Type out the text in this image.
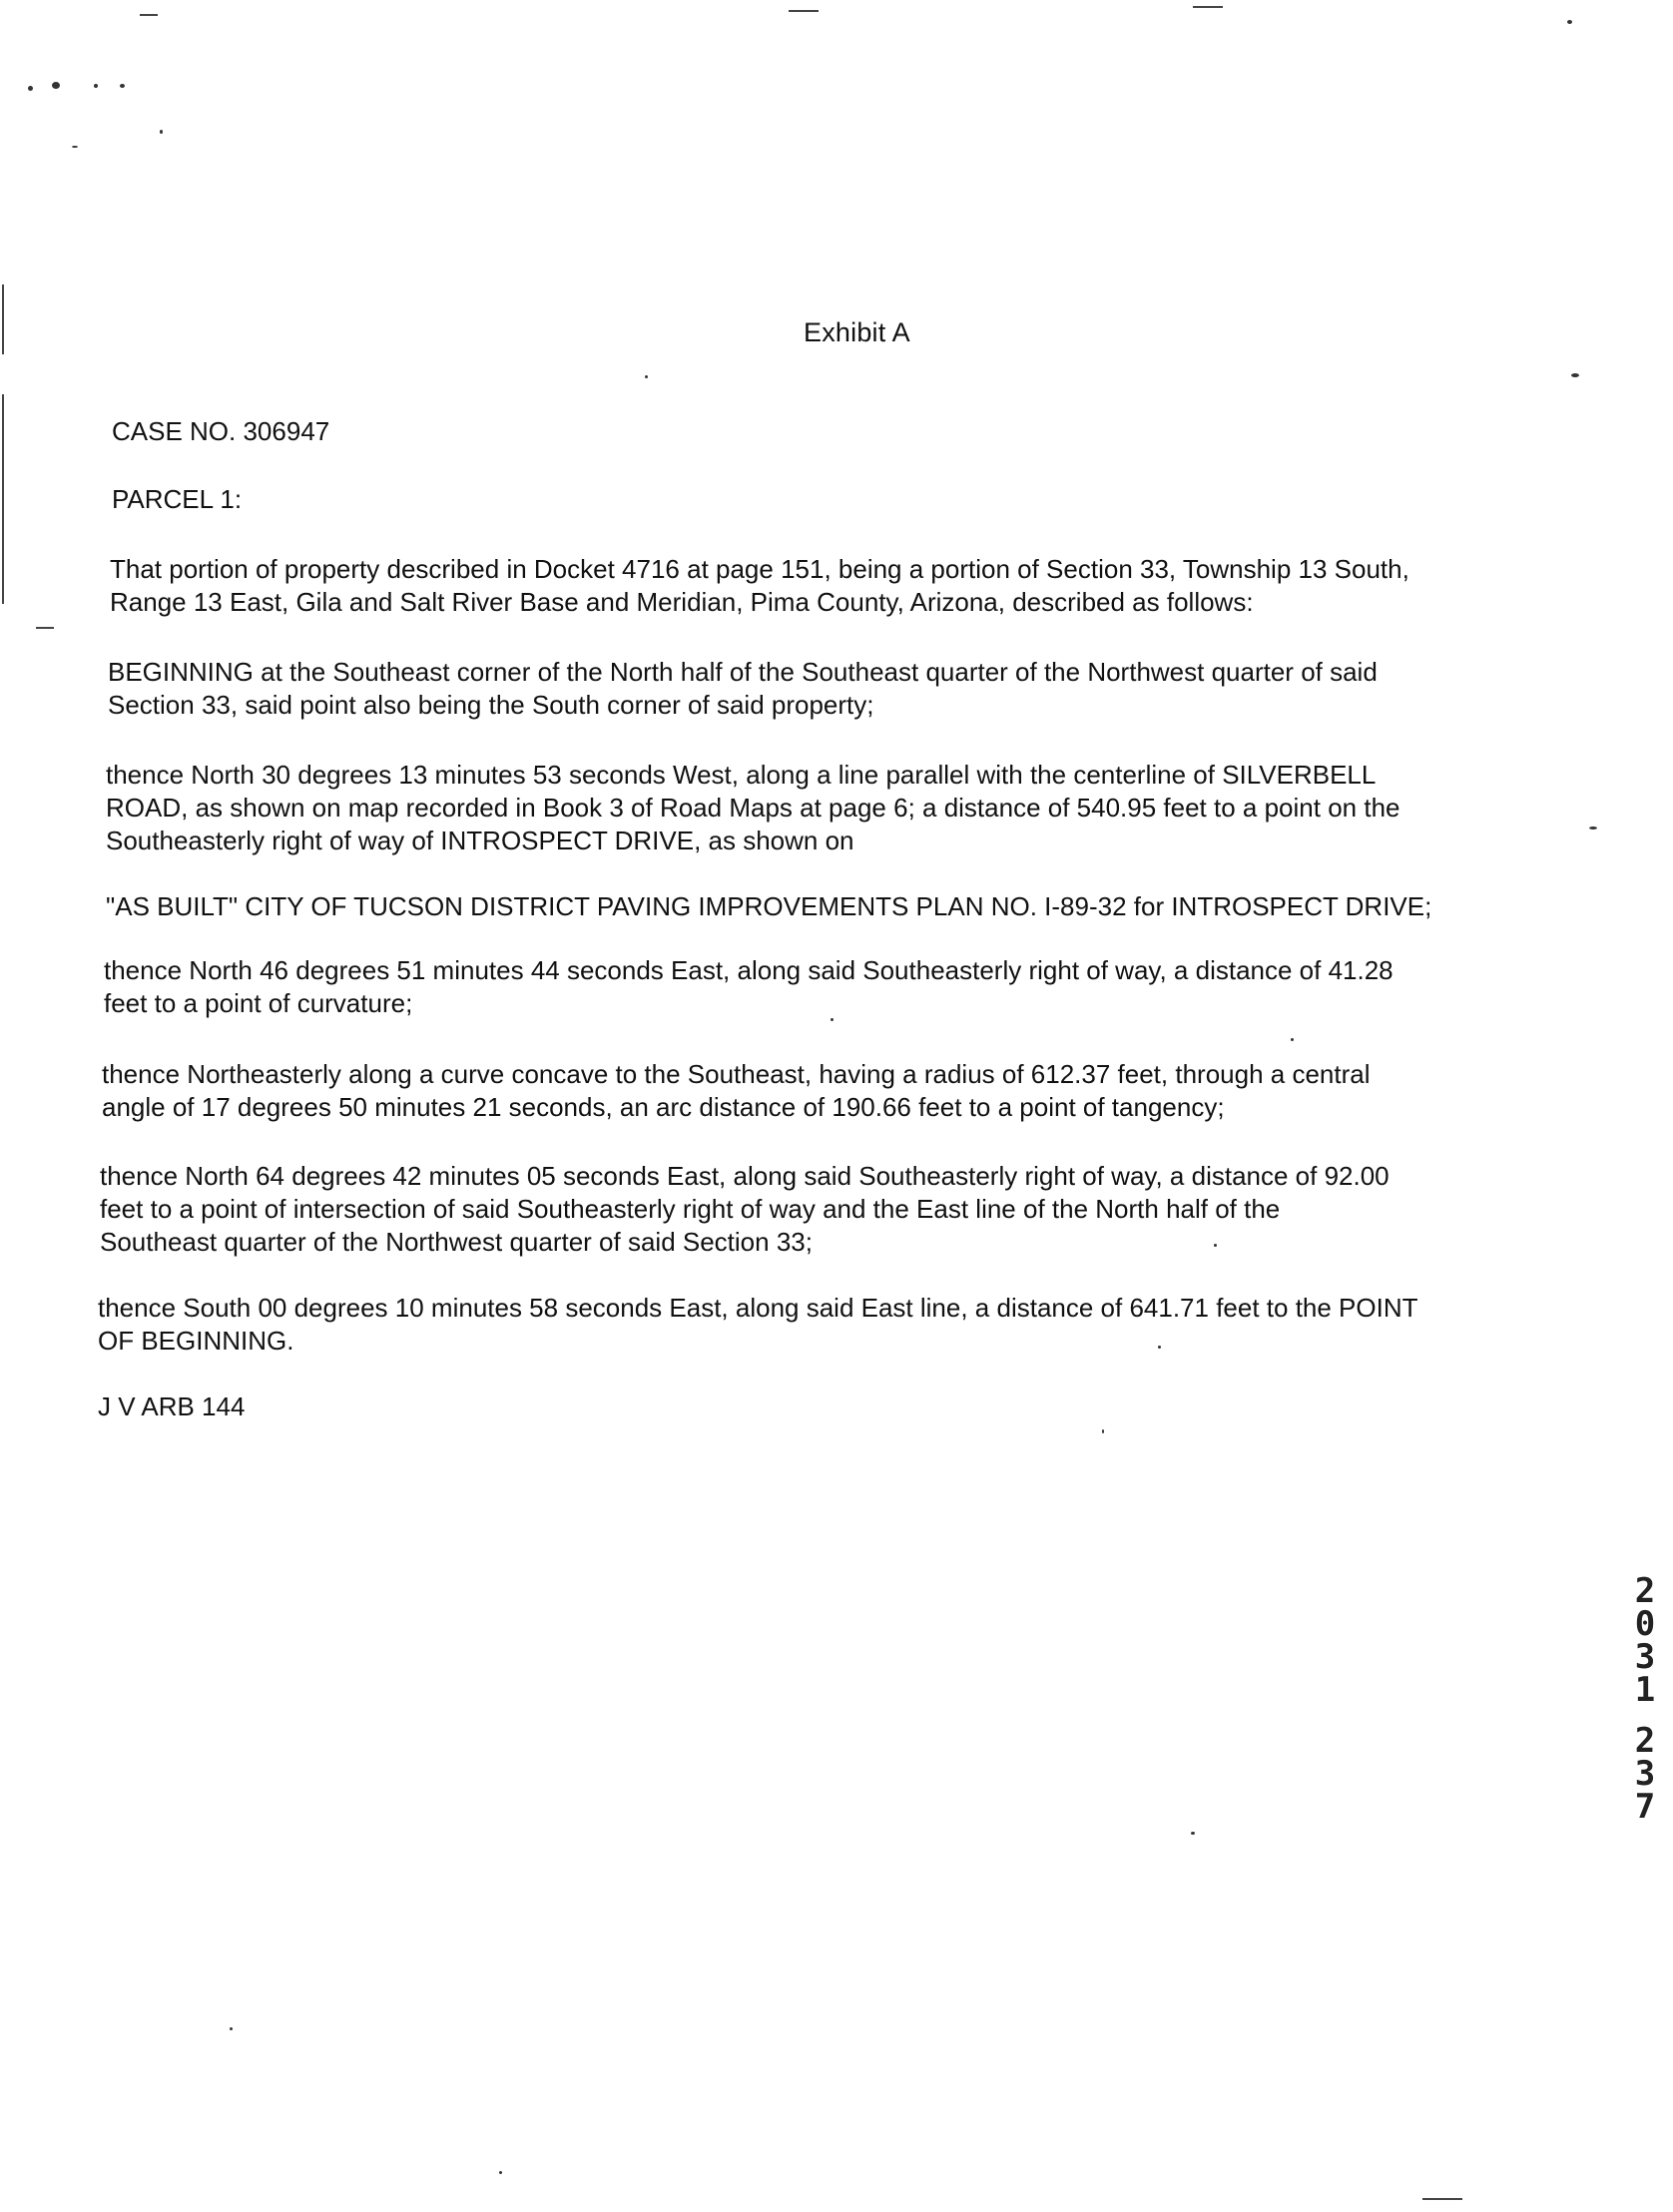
Exhibit A
CASE NO. 306947
PARCEL 1:
That portion of property described in Docket 4716 at page 151, being a portion of Section 33, Township 13 South,
Range 13 East, Gila and Salt River Base and Meridian, Pima County, Arizona, described as follows:
BEGINNING at the Southeast corner of the North half of the Southeast quarter of the Northwest quarter of said
Section 33, said point also being the South corner of said property;
thence North 30 degrees 13 minutes 53 seconds West, along a line parallel with the centerline of SILVERBELL
ROAD, as shown on map recorded in Book 3 of Road Maps at page 6; a distance of 540.95 feet to a point on the
Southeasterly right of way of INTROSPECT DRIVE, as shown on
"AS BUILT" CITY OF TUCSON DISTRICT PAVING IMPROVEMENTS PLAN NO. I-89-32 for INTROSPECT DRIVE;
thence North 46 degrees 51 minutes 44 seconds East, along said Southeasterly right of way, a distance of 41.28
feet to a point of curvature;
thence Northeasterly along a curve concave to the Southeast, having a radius of 612.37 feet, through a central
angle of 17 degrees 50 minutes 21 seconds, an arc distance of 190.66 feet to a point of tangency;
thence North 64 degrees 42 minutes 05 seconds East, along said Southeasterly right of way, a distance of 92.00
feet to a point of intersection of said Southeasterly right of way and the East line of the North half of the
Southeast quarter of the Northwest quarter of said Section 33;
thence South 00 degrees 10 minutes 58 seconds East, along said East line, a distance of 641.71 feet to the POINT
OF BEGINNING.
J V ARB 144
2
0
3
1
2
3
7
